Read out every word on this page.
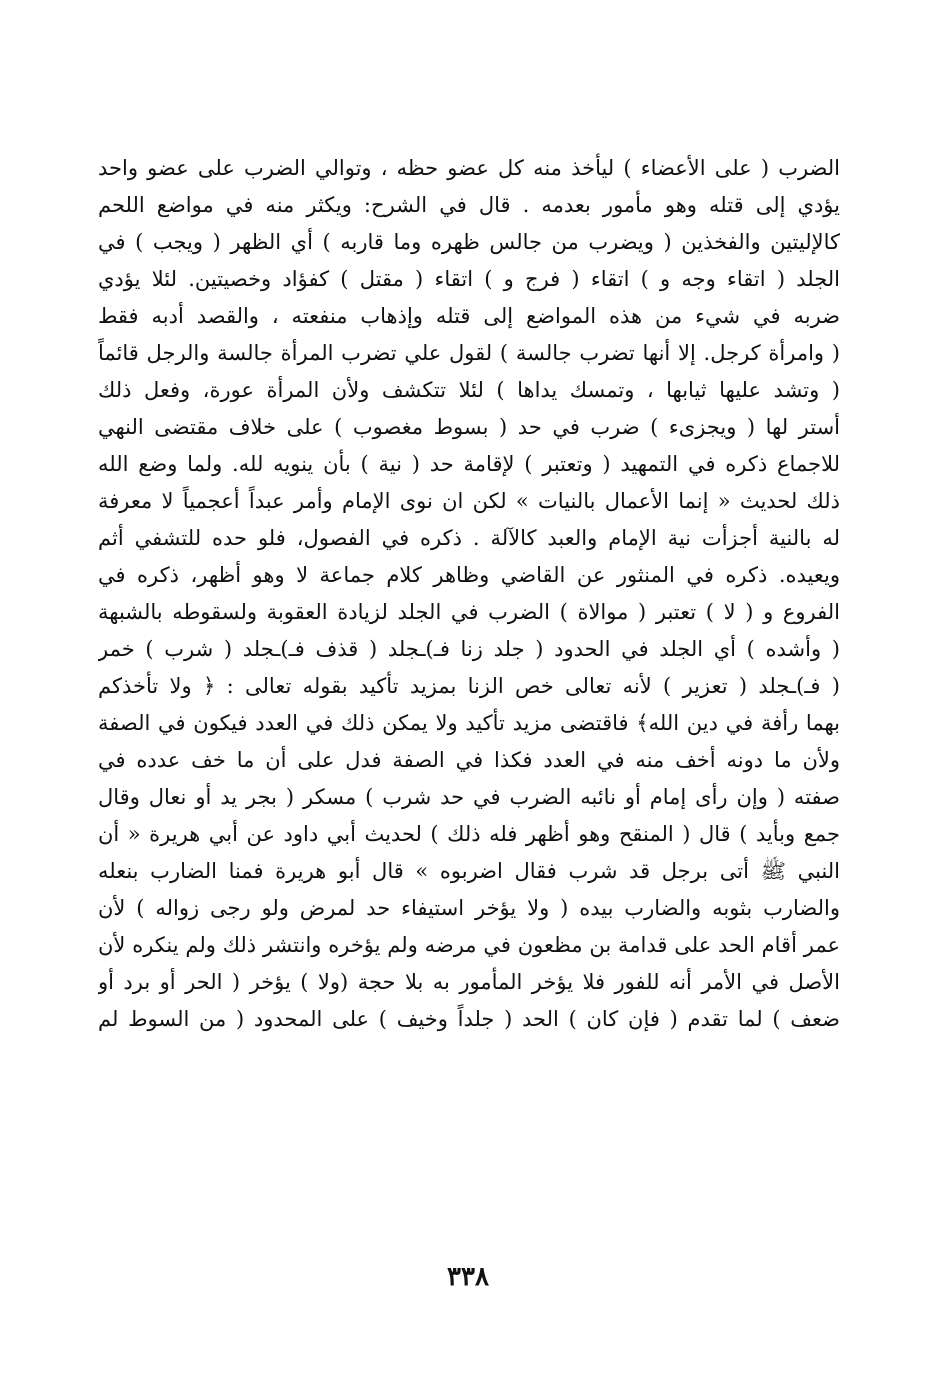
الضرب ( على الأعضاء ) ليأخذ منه كل عضو حظه ، وتوالي الضرب على عضو واحد
يؤدي إلى قتله وهو مأمور بعدمه . قال في الشرح: ويكثر منه في مواضع اللحم
كالإليتين والفخذين ( ويضرب من جالس ظهره وما قاربه ) أي الظهر ( ويجب ) في
الجلد ( اتقاء وجه و ) اتقاء ( فرج و ) اتقاء ( مقتل ) كفؤاد وخصيتين. لئلا يؤدي
ضربه في شيء من هذه المواضع إلى قتله وإذهاب منفعته ، والقصد أدبه فقط
( وامرأة كرجل. إلا أنها تضرب جالسة ) لقول علي تضرب المرأة جالسة والرجل قائماً
( وتشد عليها ثيابها ، وتمسك يداها ) لئلا تتكشف ولأن المرأة عورة، وفعل ذلك
أستر لها ( ويجزىء ) ضرب في حد ( بسوط مغصوب ) على خلاف مقتضى النهي
للاجماع ذكره في التمهيد ( وتعتبر ) لإقامة حد ( نية ) بأن ينويه لله. ولما وضع الله
ذلك لحديث « إنما الأعمال بالنيات » لكن ان نوى الإمام وأمر عبداً أعجمياً لا معرفة
له بالنية أجزأت نية الإمام والعبد كالآلة . ذكره في الفصول، فلو حده للتشفي أثم
ويعيده. ذكره في المنثور عن القاضي وظاهر كلام جماعة لا وهو أظهر، ذكره في
الفروع و ( لا ) تعتبر ( موالاة ) الضرب في الجلد لزيادة العقوبة ولسقوطه بالشبهة
( وأشده ) أي الجلد في الحدود ( جلد زنا فـ)ـجلد ( قذف فـ)ـجلد ( شرب ) خمر
( فـ)ـجلد ( تعزير ) لأنه تعالى خص الزنا بمزيد تأكيد بقوله تعالى : ﴿ ولا تأخذكم
بهما رأفة في دين الله﴾ فاقتضى مزيد تأكيد ولا يمكن ذلك في العدد فيكون في الصفة
ولأن ما دونه أخف منه في العدد فكذا في الصفة فدل على أن ما خف عدده في
صفته ( وإن رأى إمام أو نائبه الضرب في حد شرب ) مسكر ( بجر يد أو نعال وقال
جمع وبأيد ) قال ( المنقح وهو أظهر فله ذلك ) لحديث أبي داود عن أبي هريرة « أن
النبي ﷺ أتى برجل قد شرب فقال اضربوه » قال أبو هريرة فمنا الضارب بنعله
والضارب بثوبه والضارب بيده ( ولا يؤخر استيفاء حد لمرض ولو رجى زواله ) لأن
عمر أقام الحد على قدامة بن مظعون في مرضه ولم يؤخره وانتشر ذلك ولم ينكره لأن
الأصل في الأمر أنه للفور فلا يؤخر المأمور به بلا حجة (ولا ) يؤخر ( الحر أو برد أو
ضعف ) لما تقدم ( فإن كان ) الحد ( جلداً وخيف ) على المحدود ( من السوط لم
٣٣٨
